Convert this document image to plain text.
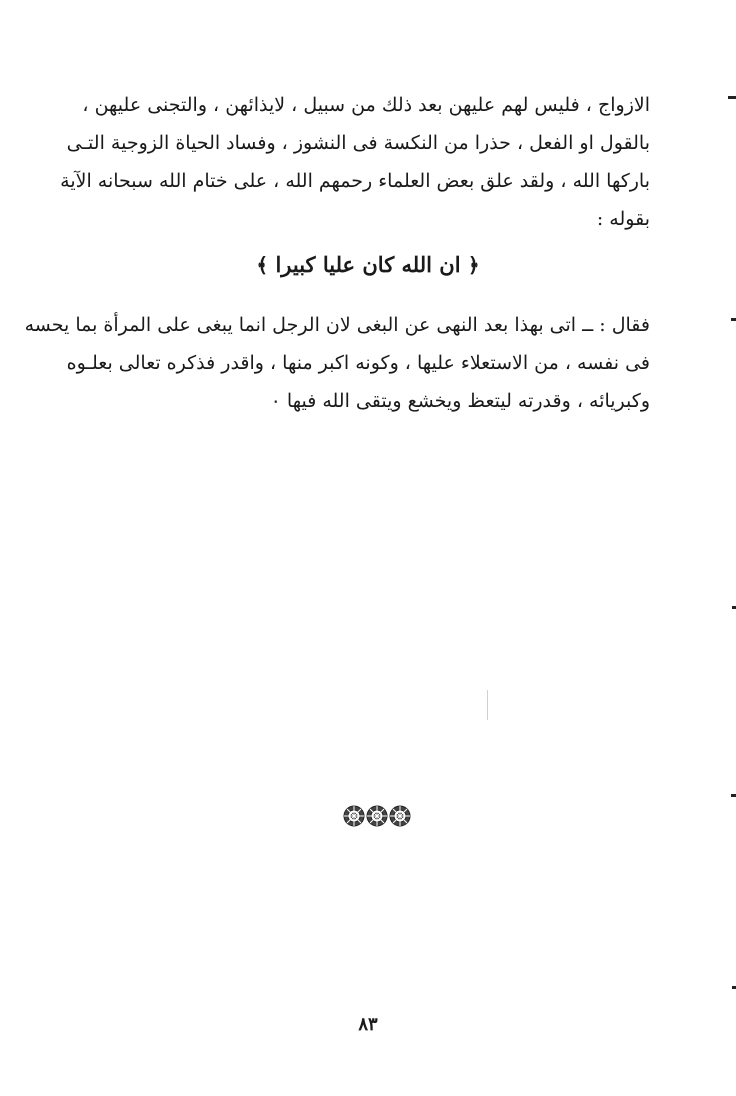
الازواج ، فليس لهم عليهن بعد ذلك من سبيل ، لايذائهن ، والتجنى عليهن ،
بالقول او الفعل ، حذرا من النكسة فى النشوز ، وفساد الحياة الزوجية التـى
باركها الله ، ولقد علق بعض العلماء رحمهم الله ، على ختام الله سبحانه الآية
بقوله :
﴿ ان الله كان عليا كبيرا ﴾
فقال : ــ اتى بهذا بعد النهى عن البغى لان الرجل انما يبغى على المرأة بما يحسه
فى نفسه ، من الاستعلاء عليها ، وكونه اكبر منها ، واقدر فذكره تعالى بعلـوه
وكبريائه ، وقدرته ليتعظ ويخشع ويتقى الله فيها ٠
٨٣
